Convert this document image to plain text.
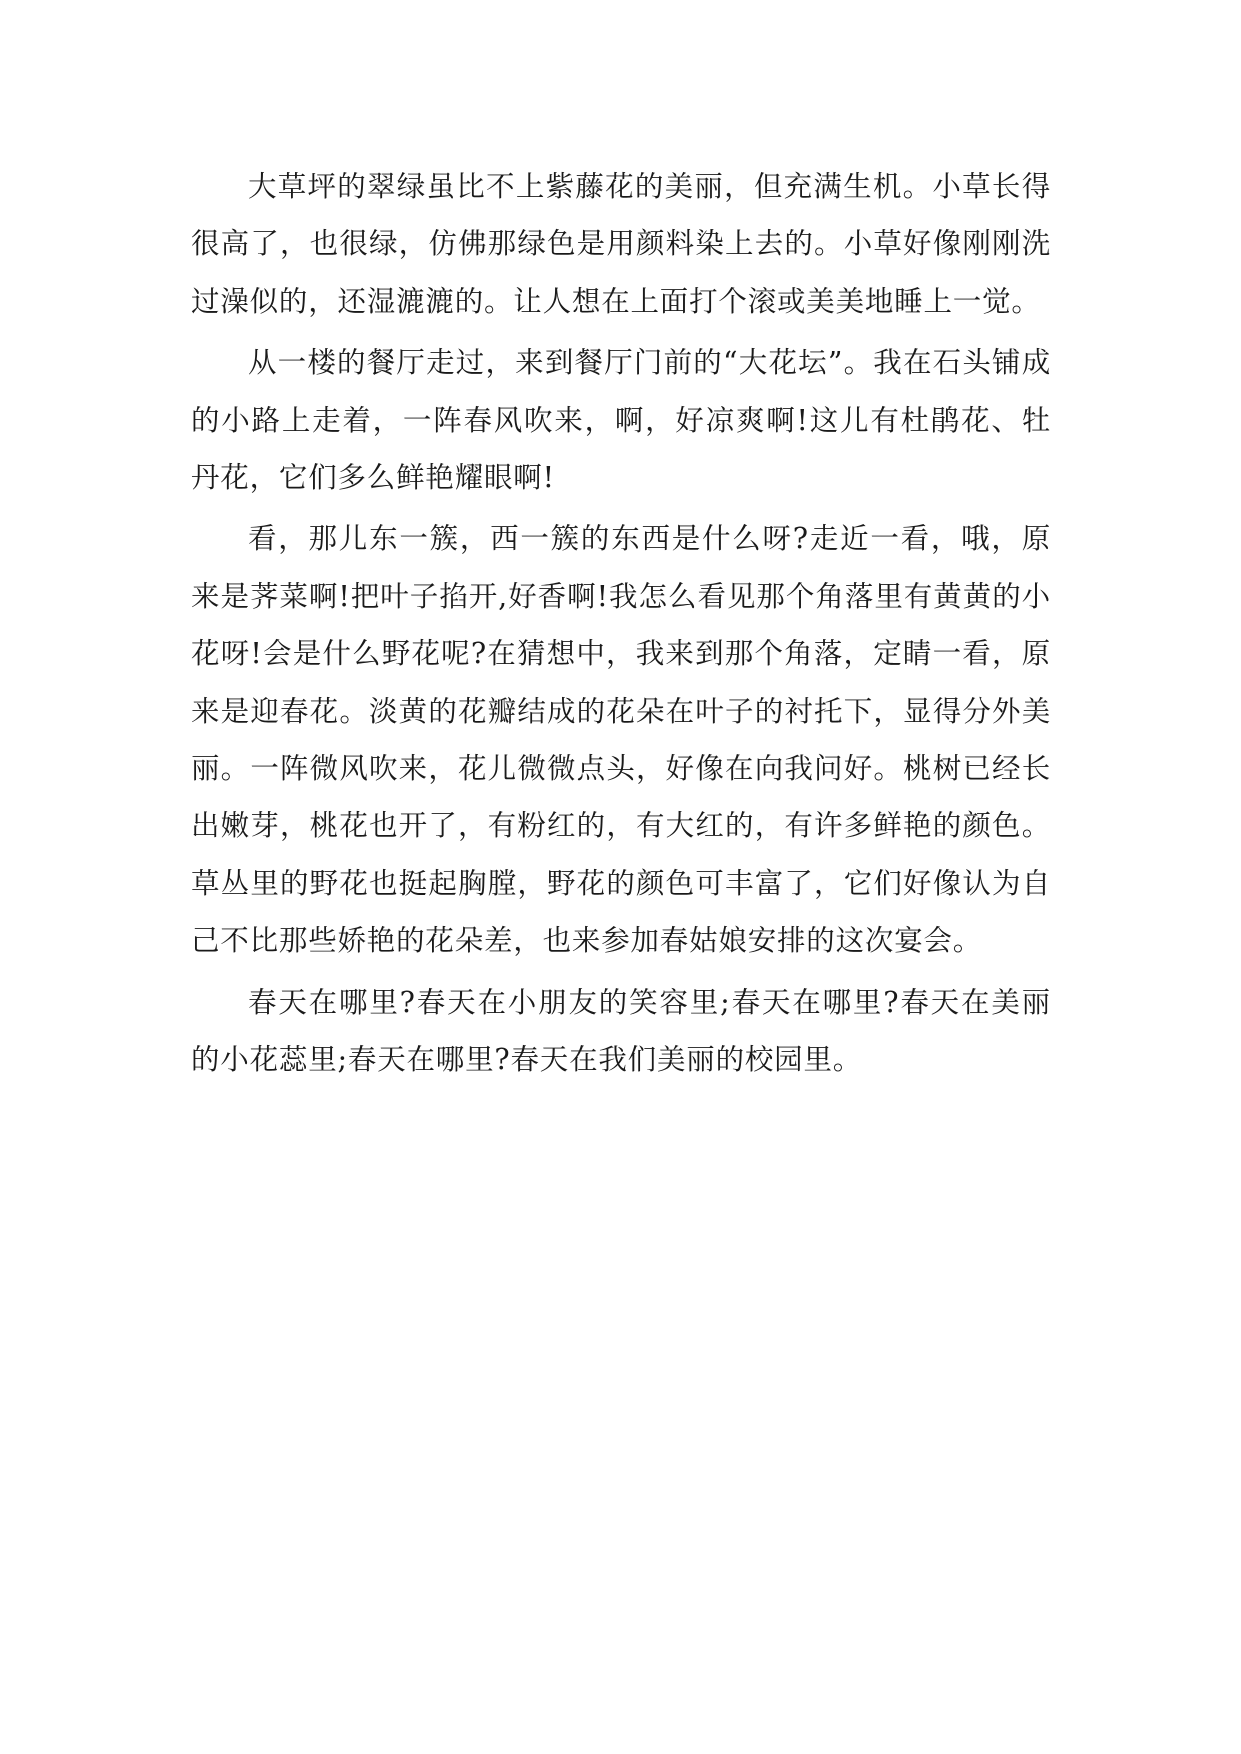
大草坪的翠绿虽比不上紫藤花的美丽，但充满生机。小草长得很高了，也很绿，仿佛那绿色是用颜料染上去的。小草好像刚刚洗过澡似的，还湿漉漉的。让人想在上面打个滚或美美地睡上一觉。

从一楼的餐厅走过，来到餐厅门前的“大花坛”。我在石头铺成的小路上走着，一阵春风吹来，啊，好凉爽啊!这儿有杜鹃花、牡丹花，它们多么鲜艳耀眼啊!

看，那儿东一簇，西一簇的东西是什么呀?走近一看，哦，原来是荠菜啊!把叶子掐开,好香啊!我怎么看见那个角落里有黄黄的小花呀!会是什么野花呢?在猜想中，我来到那个角落，定睛一看，原来是迎春花。淡黄的花瓣结成的花朵在叶子的衬托下，显得分外美丽。一阵微风吹来，花儿微微点头，好像在向我问好。桃树已经长出嫩芽，桃花也开了，有粉红的，有大红的，有许多鲜艳的颜色。草丛里的野花也挺起胸膛，野花的颜色可丰富了，它们好像认为自己不比那些娇艳的花朵差，也来参加春姑娘安排的这次宴会。

春天在哪里?春天在小朋友的笑容里;春天在哪里?春天在美丽的小花蕊里;春天在哪里?春天在我们美丽的校园里。
